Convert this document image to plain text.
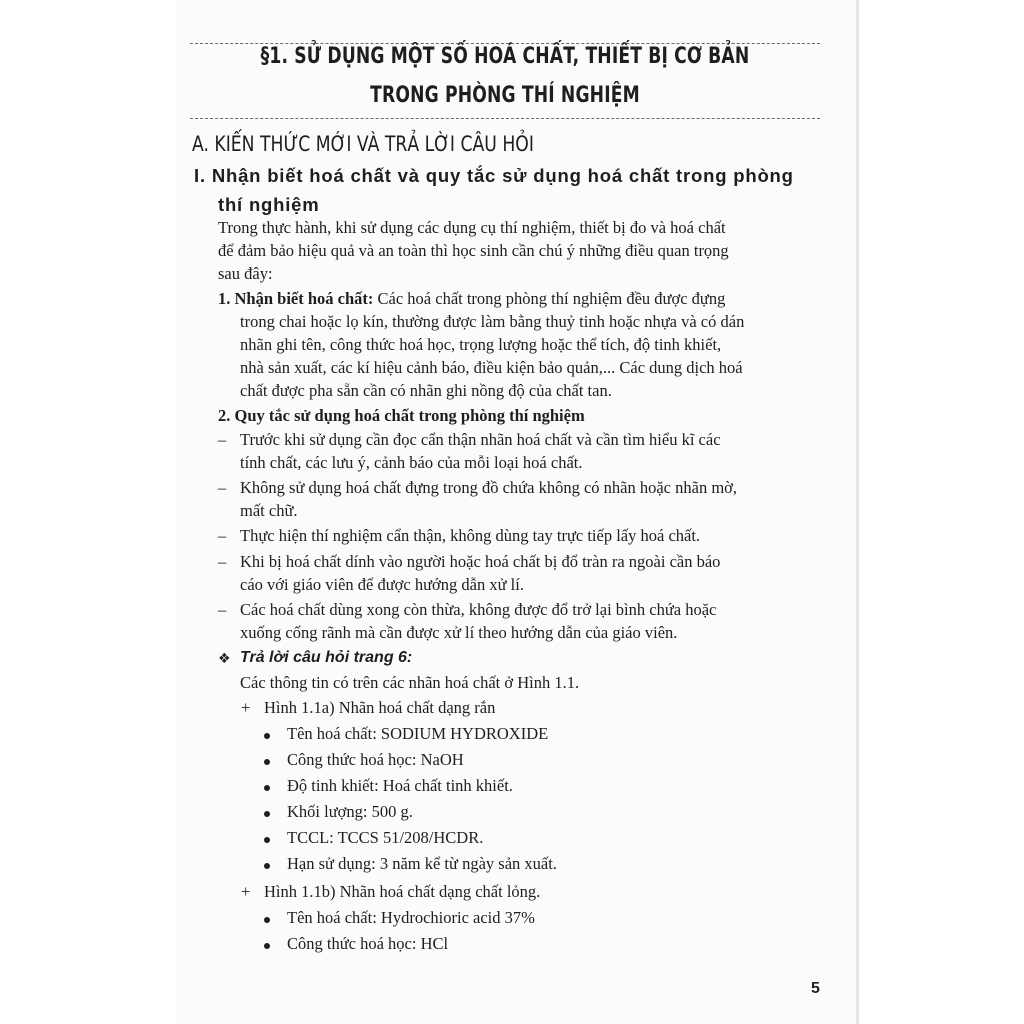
§1. SỬ DỤNG MỘT SỐ HOÁ CHẤT, THIẾT BỊ CƠ BẢN
TRONG PHÒNG THÍ NGHIỆM
A. KIẾN THỨC MỚI VÀ TRẢ LỜI CÂU HỎI
I. Nhận biết hoá chất và quy tắc sử dụng hoá chất trong phòng
thí nghiệm
Trong thực hành, khi sử dụng các dụng cụ thí nghiệm, thiết bị đo và hoá chất
để đảm bảo hiệu quả và an toàn thì học sinh cần chú ý những điều quan trọng
sau đây:
1. Nhận biết hoá chất: Các hoá chất trong phòng thí nghiệm đều được đựng
trong chai hoặc lọ kín, thường được làm bằng thuỷ tinh hoặc nhựa và có dán
nhãn ghi tên, công thức hoá học, trọng lượng hoặc thể tích, độ tinh khiết,
nhà sản xuất, các kí hiệu cảnh báo, điều kiện bảo quản,... Các dung dịch hoá
chất được pha sẵn cần có nhãn ghi nồng độ của chất tan.
2. Quy tắc sử dụng hoá chất trong phòng thí nghiệm
– Trước khi sử dụng cần đọc cẩn thận nhãn hoá chất và cần tìm hiểu kĩ các
tính chất, các lưu ý, cảnh báo của mỗi loại hoá chất.
– Không sử dụng hoá chất đựng trong đồ chứa không có nhãn hoặc nhãn mờ,
mất chữ.
– Thực hiện thí nghiệm cẩn thận, không dùng tay trực tiếp lấy hoá chất.
– Khi bị hoá chất dính vào người hoặc hoá chất bị đổ tràn ra ngoài cần báo
cáo với giáo viên để được hướng dẫn xử lí.
– Các hoá chất dùng xong còn thừa, không được đổ trở lại bình chứa hoặc
xuống cống rãnh mà cần được xử lí theo hướng dẫn của giáo viên.
❖ Trả lời câu hỏi trang 6:
Các thông tin có trên các nhãn hoá chất ở Hình 1.1.
+ Hình 1.1a) Nhãn hoá chất dạng rắn
Tên hoá chất: SODIUM HYDROXIDE
Công thức hoá học: NaOH
Độ tinh khiết: Hoá chất tinh khiết.
Khối lượng: 500 g.
TCCL: TCCS 51/208/HCDR.
Hạn sử dụng: 3 năm kể từ ngày sản xuất.
+ Hình 1.1b) Nhãn hoá chất dạng chất lỏng.
Tên hoá chất: Hydrochioric acid 37%
Công thức hoá học: HCl
5
